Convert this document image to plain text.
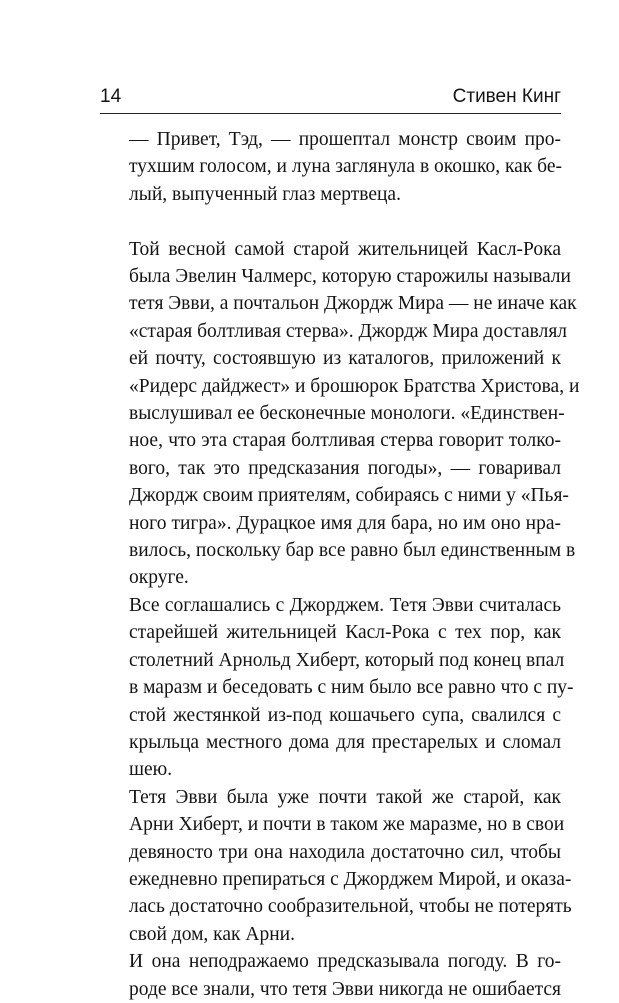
14	Стивен Кинг

— Привет, Тэд, — прошептал монстр своим про-
тухшим голосом, и луна заглянула в окошко, как бе-
лый, выпученный глаз мертвеца.

Той весной самой старой жительницей Касл-Рока
была Эвелин Чалмерс, которую старожилы называли
тетя Эвви, а почтальон Джордж Мира — не иначе как
«старая болтливая стерва». Джордж Мира доставлял
ей почту, состоявшую из каталогов, приложений к
«Ридерс дайджест» и брошюрок Братства Христова, и
выслушивал ее бесконечные монологи. «Единствен-
ное, что эта старая болтливая стерва говорит толко-
вого, так это предсказания погоды», — говаривал
Джордж своим приятелям, собираясь с ними у «Пья-
ного тигра». Дурацкое имя для бара, но им оно нра-
вилось, поскольку бар все равно был единственным в
округе.

Все соглашались с Джорджем. Тетя Эвви считалась
старейшей жительницей Касл-Рока с тех пор, как
столетний Арнольд Хиберт, который под конец впал
в маразм и беседовать с ним было все равно что с пу-
стой жестянкой из-под кошачьего супа, свалился с
крыльца местного дома для престарелых и сломал
шею.

Тетя Эвви была уже почти такой же старой, как
Арни Хиберт, и почти в таком же маразме, но в свои
девяносто три она находила достаточно сил, чтобы
ежедневно препираться с Джорджем Мирой, и оказа-
лась достаточно сообразительной, чтобы не потерять
свой дом, как Арни.

И она неподражаемо предсказывала погоду. В го-
роде все знали, что тетя Эвви никогда не ошибается
